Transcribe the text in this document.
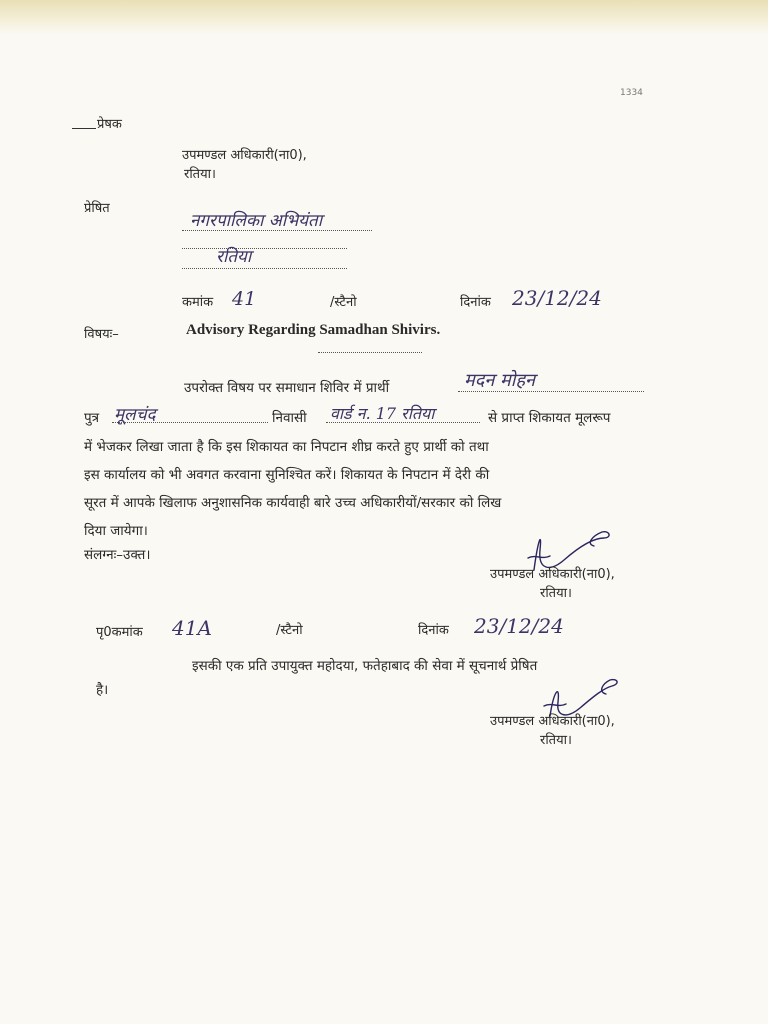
1334
प्रेषक
उपमण्डल अधिकारी(ना0),
रतिया।
प्रेषित
नगरपालिका अभियंता
रतिया
कमांक 41	/स्टैनो	दिनांक 23/12/24
विषयः–	Advisory Regarding Samadhan Shivirs.
उपरोक्त विषय पर समाधान शिविर में प्रार्थी	मदन मोहन
पुत्र मूलचंद	निवासी वार्ड न. 17 रतिया	से प्राप्त शिकायत मूलरूप
में भेजकर लिखा जाता है कि इस शिकायत का निपटान शीघ्र करते हुए प्रार्थी को तथा
इस कार्यालय को भी अवगत करवाना सुनिश्चित करें। शिकायत के निपटान में देरी की
सूरत में आपके खिलाफ अनुशासनिक कार्यवाही बारे उच्च अधिकारीयों/सरकार को लिख
दिया जायेगा।
संलग्नः–उक्त।
उपमण्डल अधिकारी(ना0),
रतिया।
पृ0कमांक 41A	/स्टैनो	दिनांक 23/12/24
इसकी एक प्रति उपायुक्त महोदया, फतेहाबाद की सेवा में सूचनार्थ प्रेषित
है।
उपमण्डल अधिकारी(ना0),
रतिया।
